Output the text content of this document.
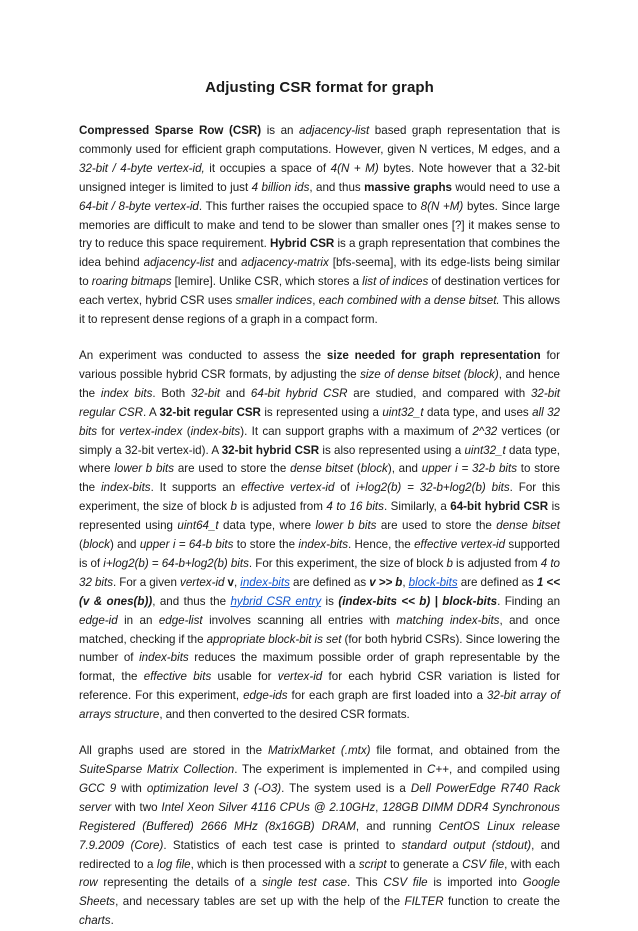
Adjusting CSR format for graph

Compressed Sparse Row (CSR) is an adjacency-list based graph representation that is commonly used for efficient graph computations. However, given N vertices, M edges, and a 32-bit / 4-byte vertex-id, it occupies a space of 4(N + M) bytes. Note however that a 32-bit unsigned integer is limited to just 4 billion ids, and thus massive graphs would need to use a 64-bit / 8-byte vertex-id. This further raises the occupied space to 8(N +M) bytes. Since large memories are difficult to make and tend to be slower than smaller ones [?] it makes sense to try to reduce this space requirement. Hybrid CSR is a graph representation that combines the idea behind adjacency-list and adjacency-matrix [bfs-seema], with its edge-lists being similar to roaring bitmaps [lemire]. Unlike CSR, which stores a list of indices of destination vertices for each vertex, hybrid CSR uses smaller indices, each combined with a dense bitset. This allows it to represent dense regions of a graph in a compact form.

An experiment was conducted to assess the size needed for graph representation for various possible hybrid CSR formats, by adjusting the size of dense bitset (block), and hence the index bits. Both 32-bit and 64-bit hybrid CSR are studied, and compared with 32-bit regular CSR. A 32-bit regular CSR is represented using a uint32_t data type, and uses all 32 bits for vertex-index (index-bits). It can support graphs with a maximum of 2^32 vertices (or simply a 32-bit vertex-id). A 32-bit hybrid CSR is also represented using a uint32_t data type, where lower b bits are used to store the dense bitset (block), and upper i = 32-b bits to store the index-bits. It supports an effective vertex-id of i+log2(b) = 32-b+log2(b) bits. For this experiment, the size of block b is adjusted from 4 to 16 bits. Similarly, a 64-bit hybrid CSR is represented using uint64_t data type, where lower b bits are used to store the dense bitset (block) and upper i = 64-b bits to store the index-bits. Hence, the effective vertex-id supported is of i+log2(b) = 64-b+log2(b) bits. For this experiment, the size of block b is adjusted from 4 to 32 bits. For a given vertex-id v, index-bits are defined as v >> b, block-bits are defined as 1 << (v & ones(b)), and thus the hybrid CSR entry is (index-bits << b) | block-bits. Finding an edge-id in an edge-list involves scanning all entries with matching index-bits, and once matched, checking if the appropriate block-bit is set (for both hybrid CSRs). Since lowering the number of index-bits reduces the maximum possible order of graph representable by the format, the effective bits usable for vertex-id for each hybrid CSR variation is listed for reference. For this experiment, edge-ids for each graph are first loaded into a 32-bit array of arrays structure, and then converted to the desired CSR formats.

All graphs used are stored in the MatrixMarket (.mtx) file format, and obtained from the SuiteSparse Matrix Collection. The experiment is implemented in C++, and compiled using GCC 9 with optimization level 3 (-O3). The system used is a Dell PowerEdge R740 Rack server with two Intel Xeon Silver 4116 CPUs @ 2.10GHz, 128GB DIMM DDR4 Synchronous Registered (Buffered) 2666 MHz (8x16GB) DRAM, and running CentOS Linux release 7.9.2009 (Core). Statistics of each test case is printed to standard output (stdout), and redirected to a log file, which is then processed with a script to generate a CSV file, with each row representing the details of a single test case. This CSV file is imported into Google Sheets, and necessary tables are set up with the help of the FILTER function to create the charts.
